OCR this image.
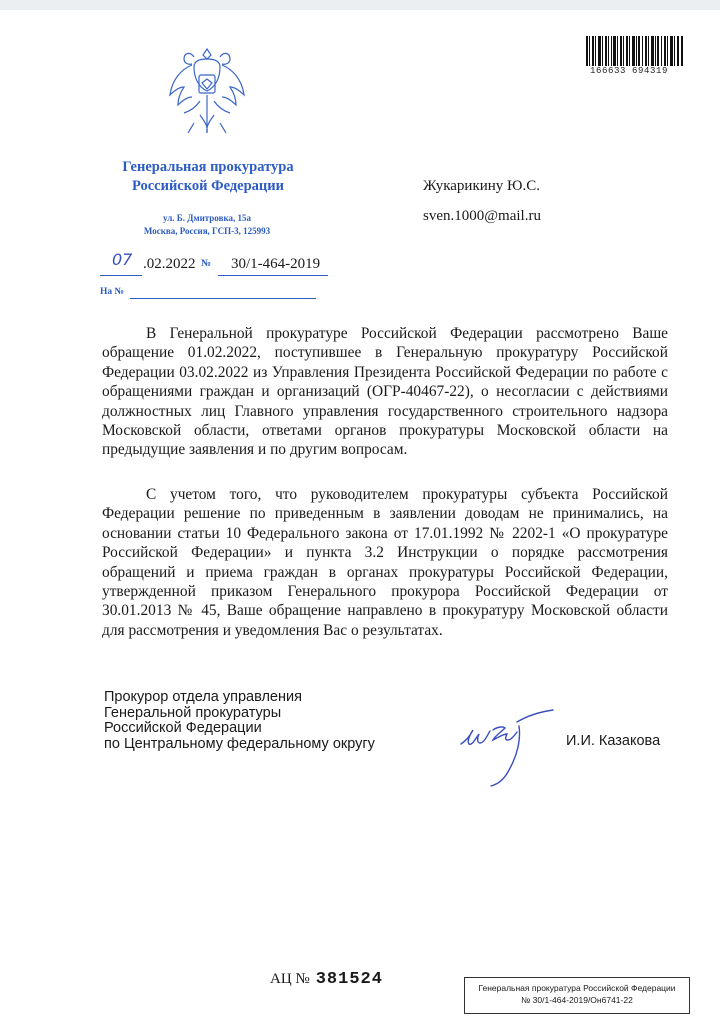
166633 694319
Генеральная прокуратура
Российской Федерации
ул. Б. Дмитровка, 15а
Москва, Россия, ГСП-3, 125993
Жукарикину Ю.С.
sven.1000@mail.ru
07 .02.2022 № 30/1-464-2019
На №

В Генеральной прокуратуре Российской Федерации рассмотрено Ваше обращение 01.02.2022, поступившее в Генеральную прокуратуру Российской Федерации 03.02.2022 из Управления Президента Российской Федерации по работе с обращениями граждан и организаций (ОГР-40467-22), о несогласии с действиями должностных лиц Главного управления государственного строительного надзора Московской области, ответами органов прокуратуры Московской области на предыдущие заявления и по другим вопросам.

С учетом того, что руководителем прокуратуры субъекта Российской Федерации решение по приведенным в заявлении доводам не принимались, на основании статьи 10 Федерального закона от 17.01.1992 № 2202-1 «О прокуратуре Российской Федерации» и пункта 3.2 Инструкции о порядке рассмотрения обращений и приема граждан в органах прокуратуры Российской Федерации, утвержденной приказом Генерального прокурора Российской Федерации от 30.01.2013 № 45, Ваше обращение направлено в прокуратуру Московской области для рассмотрения и уведомления Вас о результатах.

Прокурор отдела управления
Генеральной прокуратуры
Российской Федерации
по Центральному федеральному округу	И.И. Казакова
АЦ № 381524	Генеральная прокуратура Российской Федерации
№ 30/1-464-2019/Он6741-22
